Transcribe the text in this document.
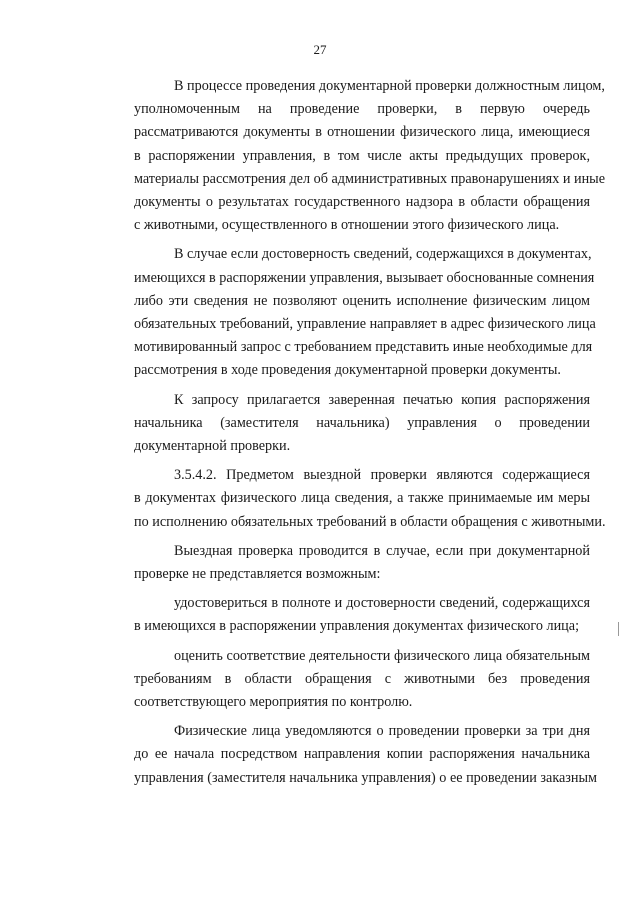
27
В процессе проведения документарной проверки должностным лицом,
уполномоченным на проведение проверки, в первую очередь
рассматриваются документы в отношении физического лица, имеющиеся
в распоряжении управления, в том числе акты предыдущих проверок,
материалы рассмотрения дел об административных правонарушениях и иные
документы о результатах государственного надзора в области обращения
с животными, осуществленного в отношении этого физического лица.
В случае если достоверность сведений, содержащихся в документах,
имеющихся в распоряжении управления, вызывает обоснованные сомнения
либо эти сведения не позволяют оценить исполнение физическим лицом
обязательных требований, управление направляет в адрес физического лица
мотивированный запрос с требованием представить иные необходимые для
рассмотрения в ходе проведения документарной проверки документы.
К запросу прилагается заверенная печатью копия распоряжения
начальника (заместителя начальника) управления о проведении
документарной проверки.
3.5.4.2. Предметом выездной проверки являются содержащиеся
в документах физического лица сведения, а также принимаемые им меры
по исполнению обязательных требований в области обращения с животными.
Выездная проверка проводится в случае, если при документарной
проверке не представляется возможным:
удостовериться в полноте и достоверности сведений, содержащихся
в имеющихся в распоряжении управления документах физического лица;
оценить соответствие деятельности физического лица обязательным
требованиям в области обращения с животными без проведения
соответствующего мероприятия по контролю.
Физические лица уведомляются о проведении проверки за три дня
до ее начала посредством направления копии распоряжения начальника
управления (заместителя начальника управления) о ее проведении заказным
